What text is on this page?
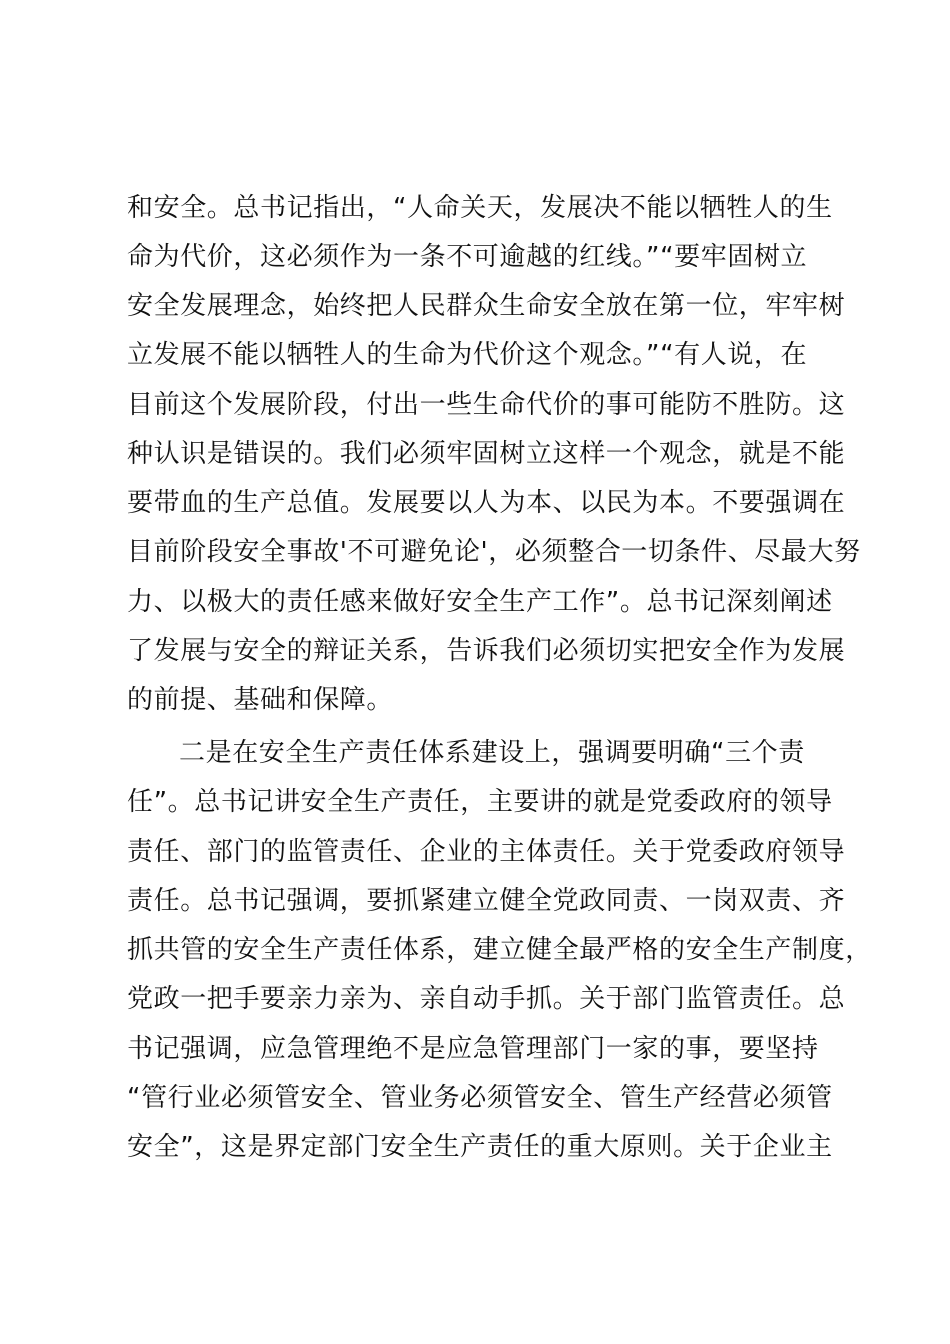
和安全。总书记指出，“人命关天，发展决不能以牺牲人的生
命为代价，这必须作为一条不可逾越的红线。”“要牢固树立
安全发展理念，始终把人民群众生命安全放在第一位，牢牢树
立发展不能以牺牲人的生命为代价这个观念。”“有人说，在
目前这个发展阶段，付出一些生命代价的事可能防不胜防。这
种认识是错误的。我们必须牢固树立这样一个观念，就是不能
要带血的生产总值。发展要以人为本、以民为本。不要强调在
目前阶段安全事故'不可避免论'，必须整合一切条件、尽最大努
力、以极大的责任感来做好安全生产工作”。总书记深刻阐述
了发展与安全的辩证关系，告诉我们必须切实把安全作为发展
的前提、基础和保障。
二是在安全生产责任体系建设上，强调要明确“三个责
任”。总书记讲安全生产责任，主要讲的就是党委政府的领导
责任、部门的监管责任、企业的主体责任。关于党委政府领导
责任。总书记强调，要抓紧建立健全党政同责、一岗双责、齐
抓共管的安全生产责任体系，建立健全最严格的安全生产制度，
党政一把手要亲力亲为、亲自动手抓。关于部门监管责任。总
书记强调，应急管理绝不是应急管理部门一家的事，要坚持
“管行业必须管安全、管业务必须管安全、管生产经营必须管
安全”，这是界定部门安全生产责任的重大原则。关于企业主
